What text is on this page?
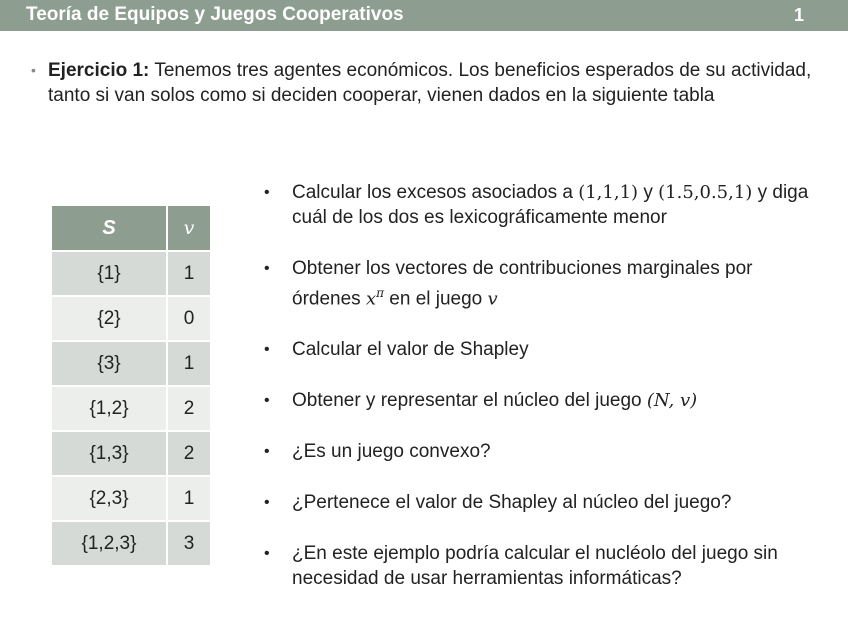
Teoría de Equipos y Juegos Cooperativos	1
• Ejercicio 1: Tenemos tres agentes económicos. Los beneficios esperados de su actividad, tanto si van solos como si deciden cooperar, vienen dados en la siguiente tabla
S	v
{1}	1
{2}	0
{3}	1
{1,2}	2
{1,3}	2
{2,3}	1
{1,2,3}	3
• Calcular los excesos asociados a (1,1,1) y (1.5,0.5,1) y diga cuál de los dos es lexicográficamente menor
• Obtener los vectores de contribuciones marginales por órdenes $x^\pi$ en el juego v
• Calcular el valor de Shapley
• Obtener y representar el núcleo del juego (N, v)
• ¿Es un juego convexo?
• ¿Pertenece el valor de Shapley al núcleo del juego?
• ¿En este ejemplo podría calcular el nucléolo del juego sin necesidad de usar herramientas informáticas?
